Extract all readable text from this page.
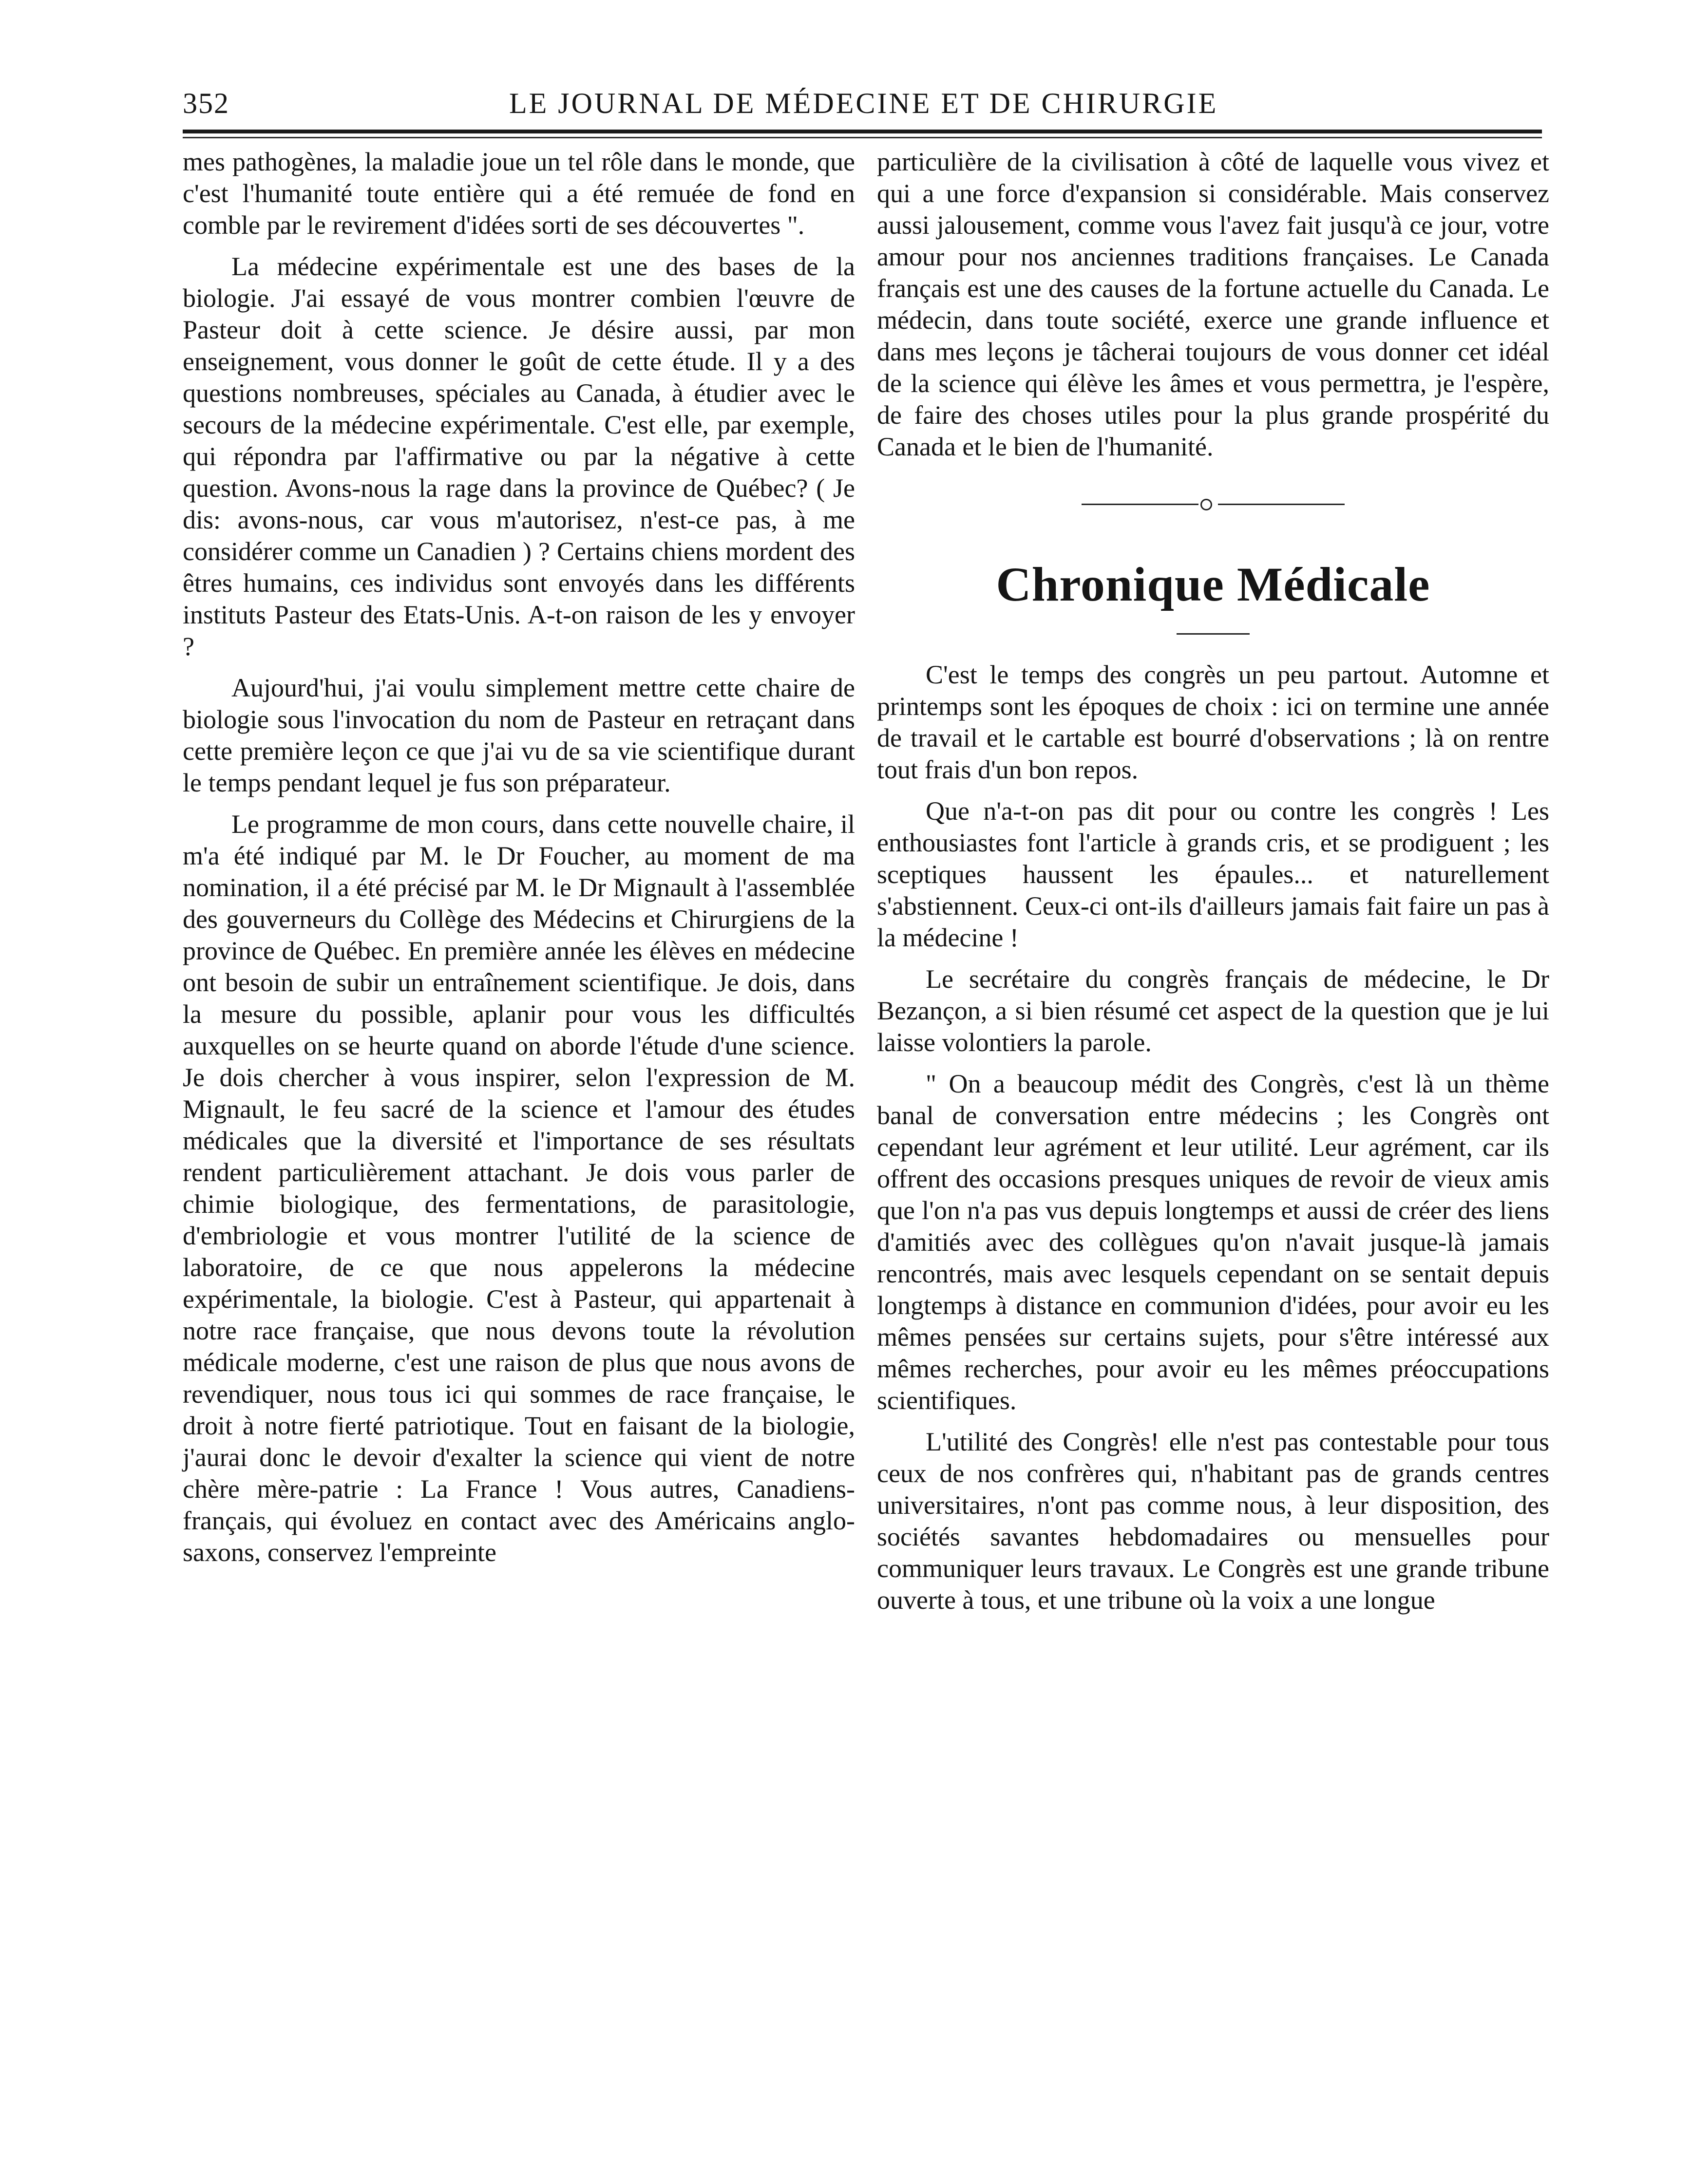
352	LE JOURNAL DE MÉDECINE ET DE CHIRURGIE

mes pathogènes, la maladie joue un tel rôle dans le monde, que c'est l'humanité toute entière qui a été remuée de fond en comble par le revirement d'idées sorti de ses découvertes ".

La médecine expérimentale est une des bases de la biologie. J'ai essayé de vous montrer combien l'œuvre de Pasteur doit à cette science. Je désire aussi, par mon enseignement, vous donner le goût de cette étude. Il y a des questions nombreuses, spéciales au Canada, à étudier avec le secours de la médecine expérimentale. C'est elle, par exemple, qui répondra par l'affirmative ou par la négative à cette question. Avons-nous la rage dans la province de Québec? ( Je dis: avons-nous, car vous m'autorisez, n'est-ce pas, à me considérer comme un Canadien ) ? Certains chiens mordent des êtres humains, ces individus sont envoyés dans les différents instituts Pasteur des Etats-Unis. A-t-on raison de les y envoyer ?

Aujourd'hui, j'ai voulu simplement mettre cette chaire de biologie sous l'invocation du nom de Pasteur en retraçant dans cette première leçon ce que j'ai vu de sa vie scientifique durant le temps pendant lequel je fus son préparateur.

Le programme de mon cours, dans cette nouvelle chaire, il m'a été indiqué par M. le Dr Foucher, au moment de ma nomination, il a été précisé par M. le Dr Mignault à l'assemblée des gouverneurs du Collège des Médecins et Chirurgiens de la province de Québec. En première année les élèves en médecine ont besoin de subir un entraînement scientifique. Je dois, dans la mesure du possible, aplanir pour vous les difficultés auxquelles on se heurte quand on aborde l'étude d'une science. Je dois chercher à vous inspirer, selon l'expression de M. Mignault, le feu sacré de la science et l'amour des études médicales que la diversité et l'importance de ses résultats rendent particulièrement attachant. Je dois vous parler de chimie biologique, des fermentations, de parasitologie, d'embriologie et vous montrer l'utilité de la science de laboratoire, de ce que nous appelerons la médecine expérimentale, la biologie. C'est à Pasteur, qui appartenait à notre race française, que nous devons toute la révolution médicale moderne, c'est une raison de plus que nous avons de revendiquer, nous tous ici qui sommes de race française, le droit à notre fierté patriotique. Tout en faisant de la biologie, j'aurai donc le devoir d'exalter la science qui vient de notre chère mère-patrie : La France ! Vous autres, Canadiens-français, qui évoluez en contact avec des Américains anglo-saxons, conservez l'empreinte

particulière de la civilisation à côté de laquelle vous vivez et qui a une force d'expansion si considérable. Mais conservez aussi jalousement, comme vous l'avez fait jusqu'à ce jour, votre amour pour nos anciennes traditions françaises. Le Canada français est une des causes de la fortune actuelle du Canada. Le médecin, dans toute société, exerce une grande influence et dans mes leçons je tâcherai toujours de vous donner cet idéal de la science qui élève les âmes et vous permettra, je l'espère, de faire des choses utiles pour la plus grande prospérité du Canada et le bien de l'humanité.

Chronique Médicale

C'est le temps des congrès un peu partout. Automne et printemps sont les époques de choix : ici on termine une année de travail et le cartable est bourré d'observations ; là on rentre tout frais d'un bon repos.

Que n'a-t-on pas dit pour ou contre les congrès ! Les enthousiastes font l'article à grands cris, et se prodiguent ; les sceptiques haussent les épaules... et naturellement s'abstiennent. Ceux-ci ont-ils d'ailleurs jamais fait faire un pas à la médecine !

Le secrétaire du congrès français de médecine, le Dr Bezançon, a si bien résumé cet aspect de la question que je lui laisse volontiers la parole.

" On a beaucoup médit des Congrès, c'est là un thème banal de conversation entre médecins ; les Congrès ont cependant leur agrément et leur utilité. Leur agrément, car ils offrent des occasions presques uniques de revoir de vieux amis que l'on n'a pas vus depuis longtemps et aussi de créer des liens d'amitiés avec des collègues qu'on n'avait jusque-là jamais rencontrés, mais avec lesquels cependant on se sentait depuis longtemps à distance en communion d'idées, pour avoir eu les mêmes pensées sur certains sujets, pour s'être intéressé aux mêmes recherches, pour avoir eu les mêmes préoccupations scientifiques.

L'utilité des Congrès! elle n'est pas contestable pour tous ceux de nos confrères qui, n'habitant pas de grands centres universitaires, n'ont pas comme nous, à leur disposition, des sociétés savantes hebdomadaires ou mensuelles pour communiquer leurs travaux. Le Congrès est une grande tribune ouverte à tous, et une tribune où la voix a une longue
